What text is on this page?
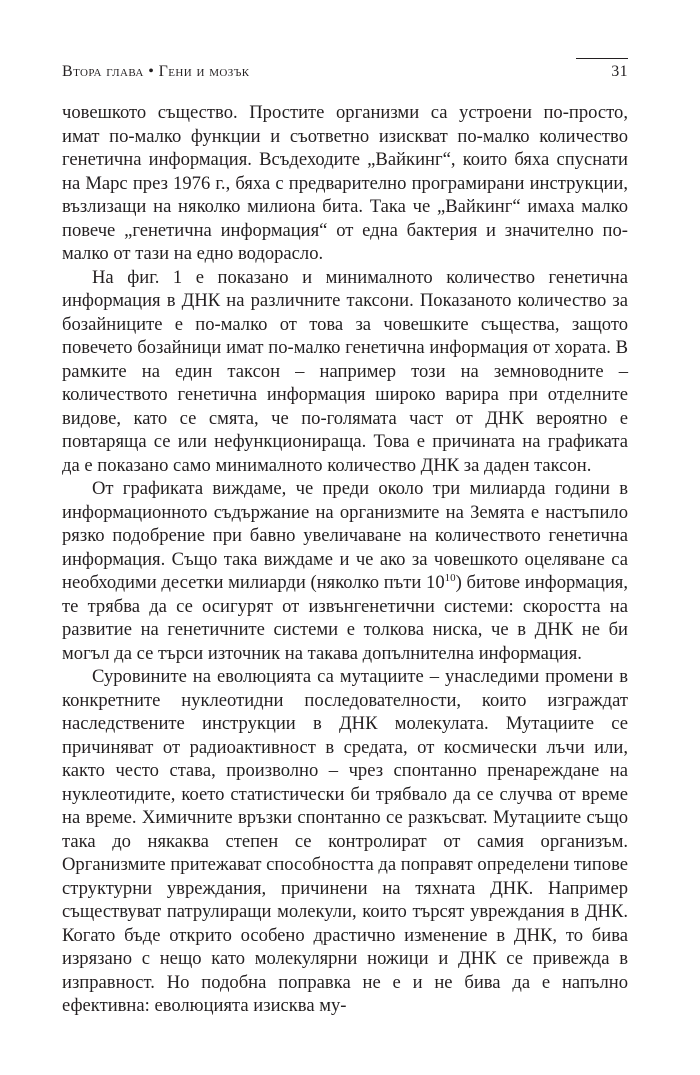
Втора глава • Гени и мозък	31

човешкото същество. Простите организми са устроени по-просто, имат по-малко функции и съответно изискват по-малко количество генетична информация. Всъдеходите „Вайкинг“, които бяха спуснати на Марс през 1976 г., бяха с предварително програмирани инструкции, възлизащи на няколко милиона бита. Така че „Вайкинг“ имаха малко повече „генетична информация“ от една бактерия и значително по-малко от тази на едно водорасло.

На фиг. 1 е показано и минималното количество генетична информация в ДНК на различните таксони. Показаното количество за бозайниците е по-малко от това за човешките същества, защото повечето бозайници имат по-малко генетична информация от хората. В рамките на един таксон – например този на земноводните – количеството генетична информация широко варира при отделните видове, като се смята, че по-голямата част от ДНК вероятно е повтаряща се или нефункционираща. Това е причината на графиката да е показано само минималното количество ДНК за даден таксон.

От графиката виждаме, че преди около три милиарда години в информационното съдържание на организмите на Земята е настъпило рязко подобрение при бавно увеличаване на количеството генетична информация. Също така виждаме и че ако за човешкото оцеляване са необходими десетки милиарди (няколко пъти $10^{10}$) битове информация, те трябва да се осигурят от извънгенетични системи: скоростта на развитие на генетичните системи е толкова ниска, че в ДНК не би могъл да се търси източник на такава допълнителна информация.

Суровините на еволюцията са мутациите – унаследими промени в конкретните нуклеотидни последователности, които изграждат наследствените инструкции в ДНК молекулата. Мутациите се причиняват от радиоактивност в средата, от космически лъчи или, както често става, произволно – чрез спонтанно пренареждане на нуклеотидите, което статистически би трябвало да се случва от време на време. Химичните връзки спонтанно се разкъсват. Мутациите също така до някаква степен се контролират от самия организъм. Организмите притежават способността да поправят определени типове структурни увреждания, причинени на тяхната ДНК. Например съществуват патрулиращи молекули, които търсят увреждания в ДНК. Когато бъде открито особено драстично изменение в ДНК, то бива изрязано с нещо като молекулярни ножици и ДНК се привежда в изправност. Но подобна поправка не е и не бива да е напълно ефективна: еволюцията изисква му-
